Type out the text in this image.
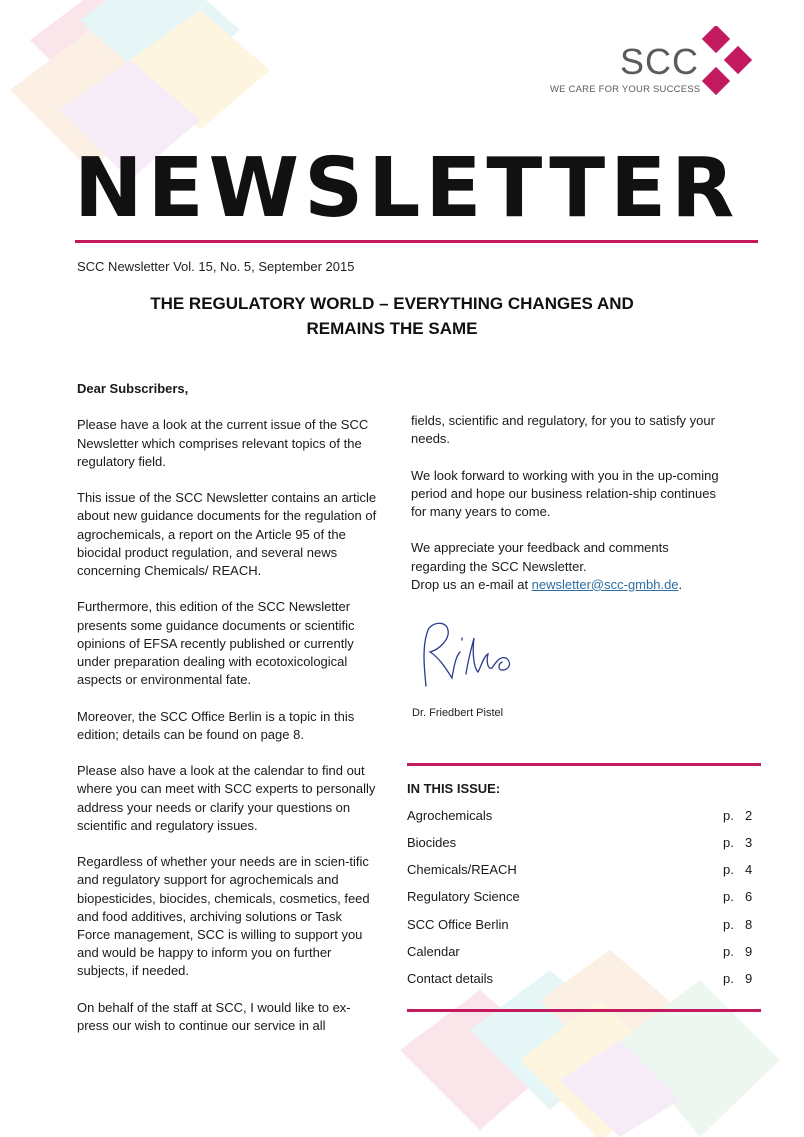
SCC
WE CARE FOR YOUR SUCCESS
NEWSLETTER
SCC Newsletter Vol. 15, No. 5, September 2015
THE REGULATORY WORLD – EVERYTHING CHANGES AND
REMAINS THE SAME

Dear Subscribers,

Please have a look at the current issue of the SCC Newsletter which comprises relevant topics of the regulatory field.

This issue of the SCC Newsletter contains an article about new guidance documents for the regulation of agrochemicals, a report on the Article 95 of the biocidal product regulation, and several news concerning Chemicals/ REACH.

Furthermore, this edition of the SCC Newsletter presents some guidance documents or scientific opinions of EFSA recently published or currently under preparation dealing with ecotoxicological aspects or environmental fate.

Moreover, the SCC Office Berlin is a topic in this edition; details can be found on page 8.

Please also have a look at the calendar to find out where you can meet with SCC experts to personally address your needs or clarify your questions on scientific and regulatory issues.

Regardless of whether your needs are in scien-tific and regulatory support for agrochemicals and biopesticides, biocides, chemicals, cosmetics, feed and food additives, archiving solutions or Task Force management, SCC is willing to support you and would be happy to inform you on further subjects, if needed.

On behalf of the staff at SCC, I would like to ex-press our wish to continue our service in all

fields, scientific and regulatory, for you to satisfy your needs.

We look forward to working with you in the up-coming period and hope our business relation-ship continues for many years to come.

We appreciate your feedback and comments regarding the SCC Newsletter.
Drop us an e-mail at newsletter@scc-gmbh.de.

Dr. Friedbert Pistel
IN THIS ISSUE:
Agrochemicals	p. 2
Biocides	p. 3
Chemicals/REACH	p. 4
Regulatory Science	p. 6
SCC Office Berlin	p. 8
Calendar	p. 9
Contact details	p. 9
